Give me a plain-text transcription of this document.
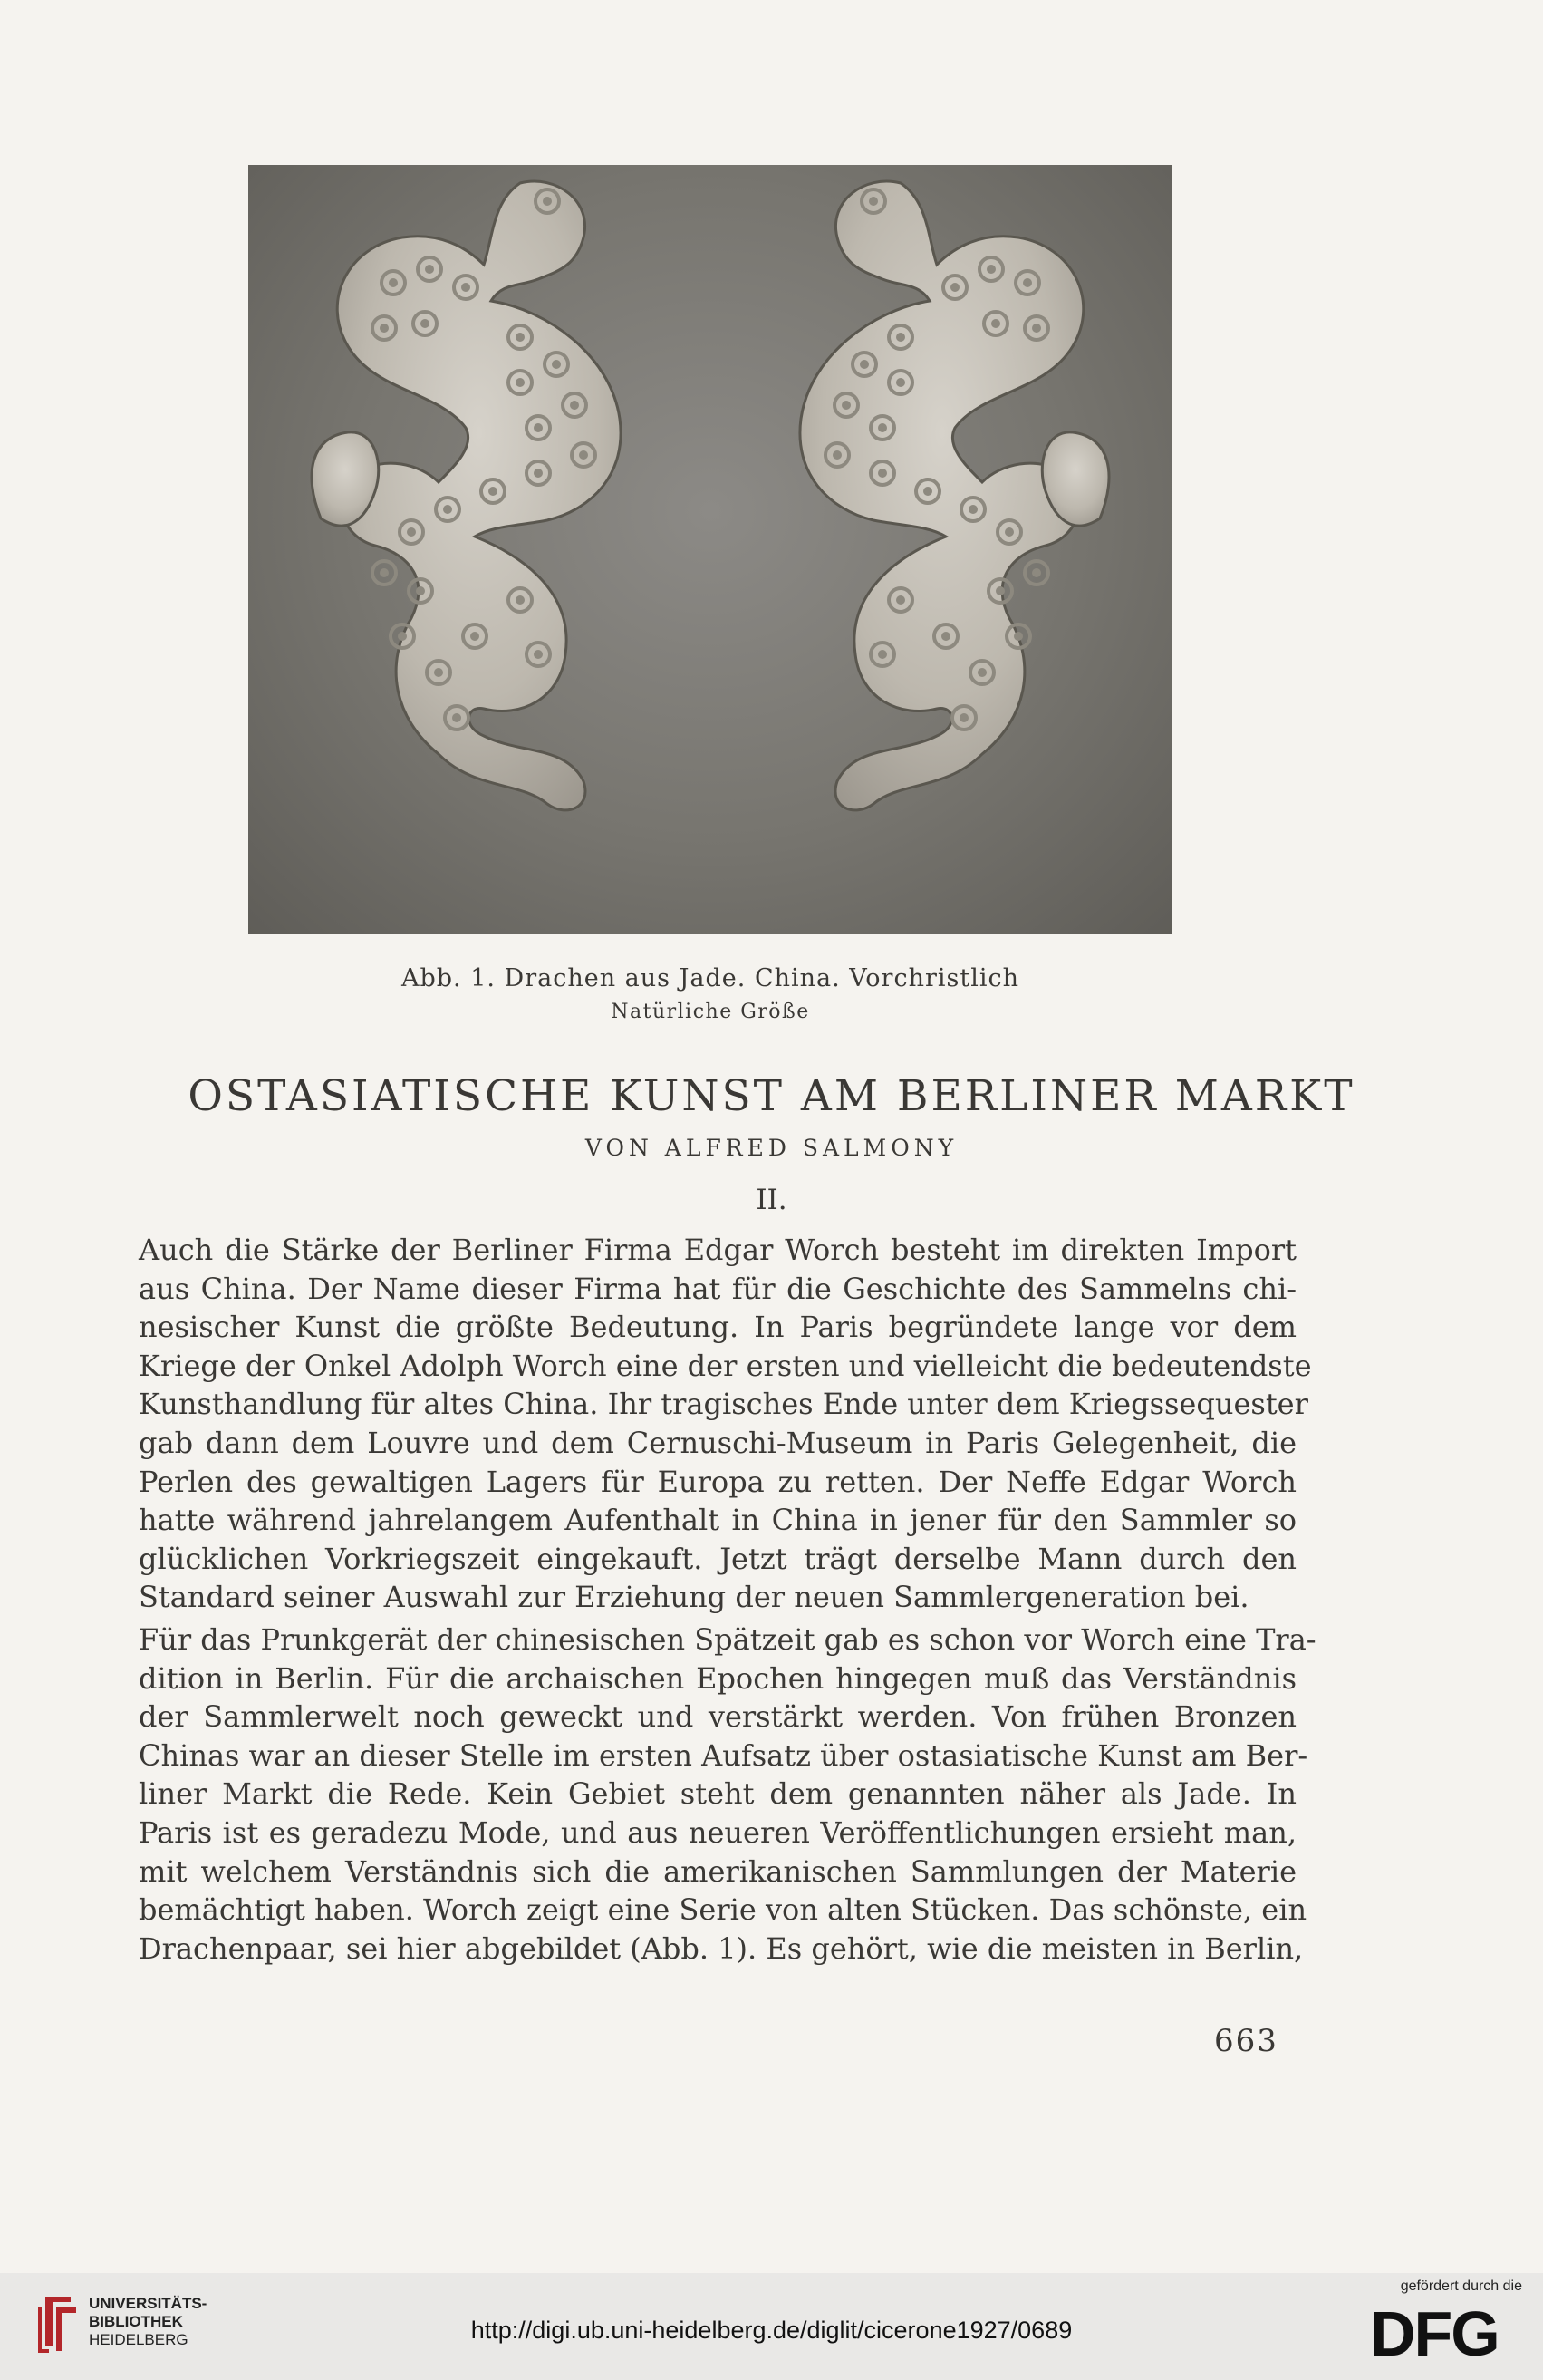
Abb. 1. Drachen aus Jade. China. Vorchristlich
Natürliche Größe
OSTASIATISCHE KUNST AM BERLINER MARKT
VON ALFRED SALMONY
II.
Auch die Stärke der Berliner Firma Edgar Worch besteht im direkten Import
aus China. Der Name dieser Firma hat für die Geschichte des Sammelns chi-
nesischer Kunst die größte Bedeutung. In Paris begründete lange vor dem
Kriege der Onkel Adolph Worch eine der ersten und vielleicht die bedeutendste
Kunsthandlung für altes China. Ihr tragisches Ende unter dem Kriegssequester
gab dann dem Louvre und dem Cernuschi-Museum in Paris Gelegenheit, die
Perlen des gewaltigen Lagers für Europa zu retten. Der Neffe Edgar Worch
hatte während jahrelangem Aufenthalt in China in jener für den Sammler so
glücklichen Vorkriegszeit eingekauft. Jetzt trägt derselbe Mann durch den
Standard seiner Auswahl zur Erziehung der neuen Sammlergeneration bei.
Für das Prunkgerät der chinesischen Spätzeit gab es schon vor Worch eine Tra-
dition in Berlin. Für die archaischen Epochen hingegen muß das Verständnis
der Sammlerwelt noch geweckt und verstärkt werden. Von frühen Bronzen
Chinas war an dieser Stelle im ersten Aufsatz über ostasiatische Kunst am Ber-
liner Markt die Rede. Kein Gebiet steht dem genannten näher als Jade. In
Paris ist es geradezu Mode, und aus neueren Veröffentlichungen ersieht man,
mit welchem Verständnis sich die amerikanischen Sammlungen der Materie
bemächtigt haben. Worch zeigt eine Serie von alten Stücken. Das schönste, ein
Drachenpaar, sei hier abgebildet (Abb. 1). Es gehört, wie die meisten in Berlin,
663
UNIVERSITÄTS-
BIBLIOTHEK
HEIDELBERG	http://digi.ub.uni-heidelberg.de/diglit/cicerone1927/0689
gefördert durch die
DFG
